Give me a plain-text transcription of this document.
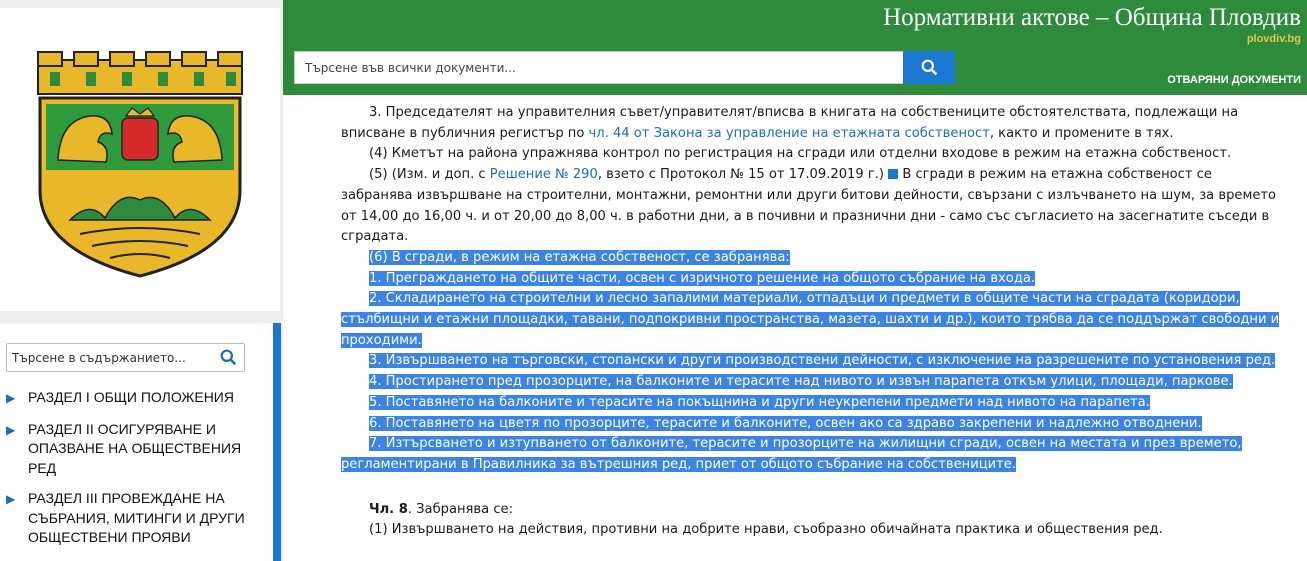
Търсене в съдържанието...
▶ РАЗДЕЛ I ОБЩИ ПОЛОЖЕНИЯ
▶ РАЗДЕЛ II ОСИГУРЯВАНЕ И ОПАЗВАНЕ НА ОБЩЕСТВЕНИЯ РЕД
▶ РАЗДЕЛ III ПРОВЕЖДАНЕ НА СЪБРАНИЯ, МИТИНГИ И ДРУГИ ОБЩЕСТВЕНИ ПРОЯВИ
Нормативни актове – Община Пловдив
plovdiv.bg
ОТВАРЯНИ ДОКУМЕНТИ
Търсене във всички документи...

3. Председателят на управителния съвет/управителят/вписва в книгата на собствениците обстоятелствата, подлежащи на вписване в публичния регистър по чл. 44 от Закона за управление на етажната собственост, както и промените в тях.

(4) Кметът на района упражнява контрол по регистрация на сгради или отделни входове в режим на етажна собственост.

(5) (Изм. и доп. с Решение № 290, взето с Протокол № 15 от 17.09.2019 г.)  В сгради в режим на етажна собственост се забранява извършване на строителни, монтажни, ремонтни или други битови дейности, свързани с излъчването на шум, за времето от 14,00 до 16,00 ч. и от 20,00 до 8,00 ч. в работни дни, а в почивни и празнични дни - само със съгласието на засегнатите съседи в сградата.

(6) В сгради, в режим на етажна собственост, се забранява:

1. Преграждането на общите части, освен с изричното решение на общото събрание на входа.

2. Складирането на строителни и лесно запалими материали, отпадъци и предмети в общите части на сградата (коридори, стълбищни и етажни площадки, тавани, подпокривни пространства, мазета, шахти и др.), които трябва да се поддържат свободни и проходими.

3. Извършването на търговски, стопански и други производствени дейности, с изключение на разрешените по установения ред.

4. Простирането пред прозорците, на балконите и терасите над нивото и извън парапета откъм улици, площади, паркове.

5. Поставянето на балконите и терасите на покъщнина и други неукрепени предмети над нивото на парапета.

6. Поставянето на цветя по прозорците, терасите и балконите, освен ако са здраво закрепени и надлежно отводнени.

7. Изтърсването и изтупването от балконите, терасите и прозорците на жилищни сгради, освен на местата и през времето, регламентирани в Правилника за вътрешния ред, приет от общото събрание на собствениците.

Чл. 8. Забранява се:

(1) Извършването на действия, противни на добрите нрави, съобразно обичайната практика и обществения ред.
